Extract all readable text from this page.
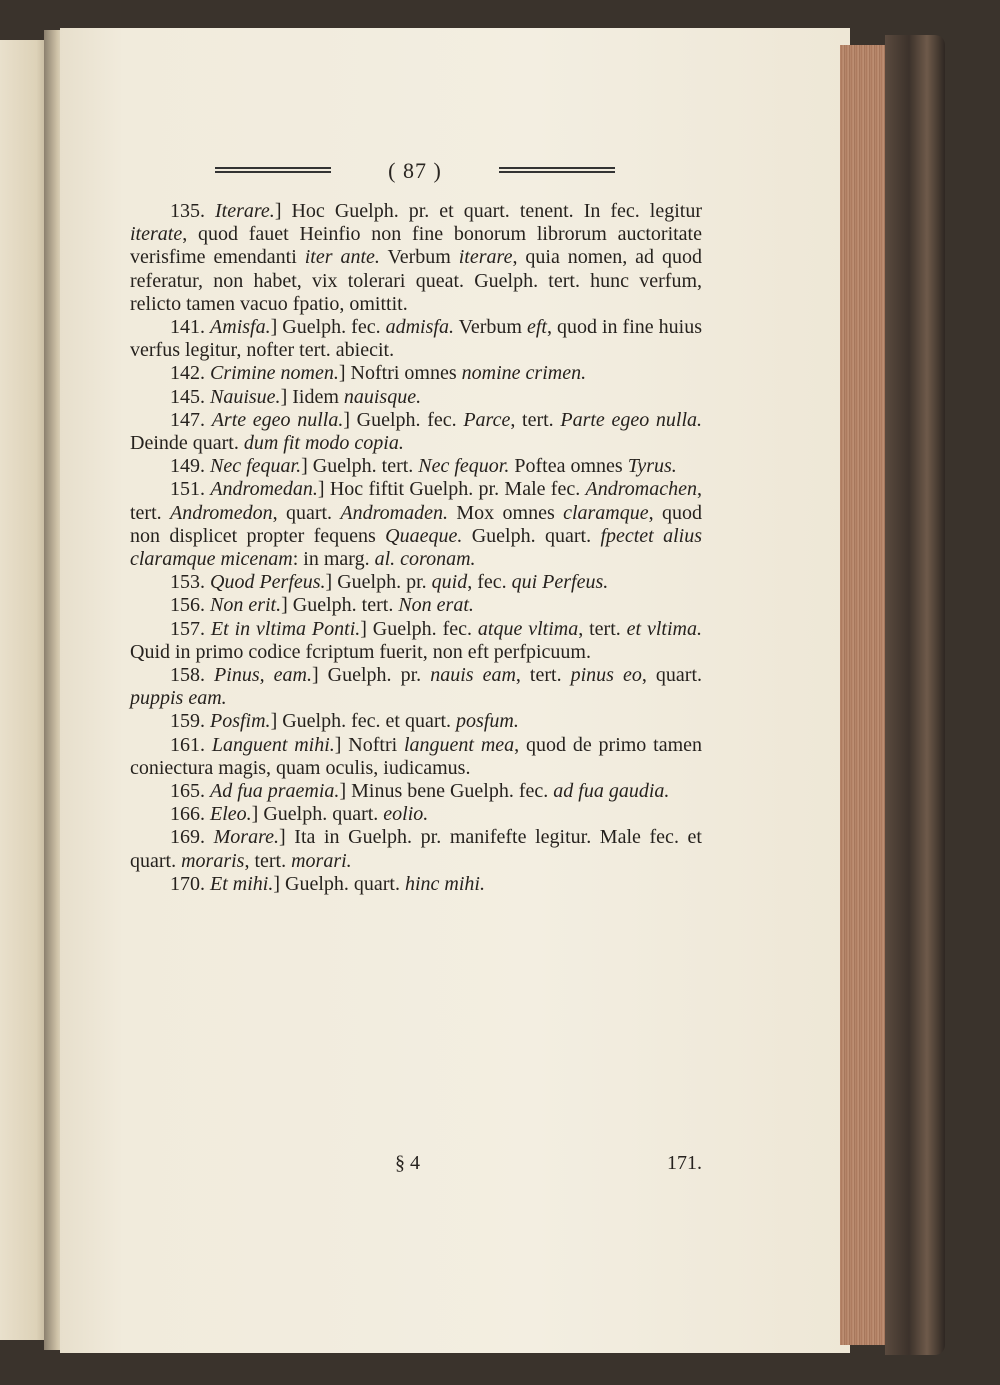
( 87 )

135. Iterare.] Hoc Guelph. pr. et quart. tenent. In fec. legitur iterate, quod fauet Heinfio non fine bonorum librorum auctoritate verisfime emendanti iter ante. Verbum iterare, quia nomen, ad quod referatur, non habet, vix tolerari queat. Guelph. tert. hunc verfum, relicto tamen vacuo fpatio, omittit.

141. Amisfa.] Guelph. fec. admisfa. Verbum eft, quod in fine huius verfus legitur, nofter tert. abiecit.

142. Crimine nomen.] Noftri omnes nomine crimen.

145. Nauisue.] Iidem nauisque.

147. Arte egeo nulla.] Guelph. fec. Parce, tert. Parte egeo nulla. Deinde quart. dum fit modo copia.

149. Nec fequar.] Guelph. tert. Nec fequor. Poftea omnes Tyrus.

151. Andromedan.] Hoc fiftit Guelph. pr. Male fec. Andromachen, tert. Andromedon, quart. Andromaden. Mox omnes claramque, quod non displicet propter fequens Quaeque. Guelph. quart. fpectet alius claramque micenam: in marg. al. coronam.

153. Quod Perfeus.] Guelph. pr. quid, fec. qui Perfeus.

156. Non erit.] Guelph. tert. Non erat.

157. Et in vltima Ponti.] Guelph. fec. atque vltima, tert. et vltima. Quid in primo codice fcriptum fuerit, non eft perfpicuum.

158. Pinus, eam.] Guelph. pr. nauis eam, tert. pinus eo, quart. puppis eam.

159. Posfim.] Guelph. fec. et quart. posfum.

161. Languent mihi.] Noftri languent mea, quod de primo tamen coniectura magis, quam oculis, iudicamus.

165. Ad fua praemia.] Minus bene Guelph. fec. ad fua gaudia.

166. Eleo.] Guelph. quart. eolio.

169. Morare.] Ita in Guelph. pr. manifefte legitur. Male fec. et quart. moraris, tert. morari.

170. Et mihi.] Guelph. quart. hinc mihi.

§ 4	171.
